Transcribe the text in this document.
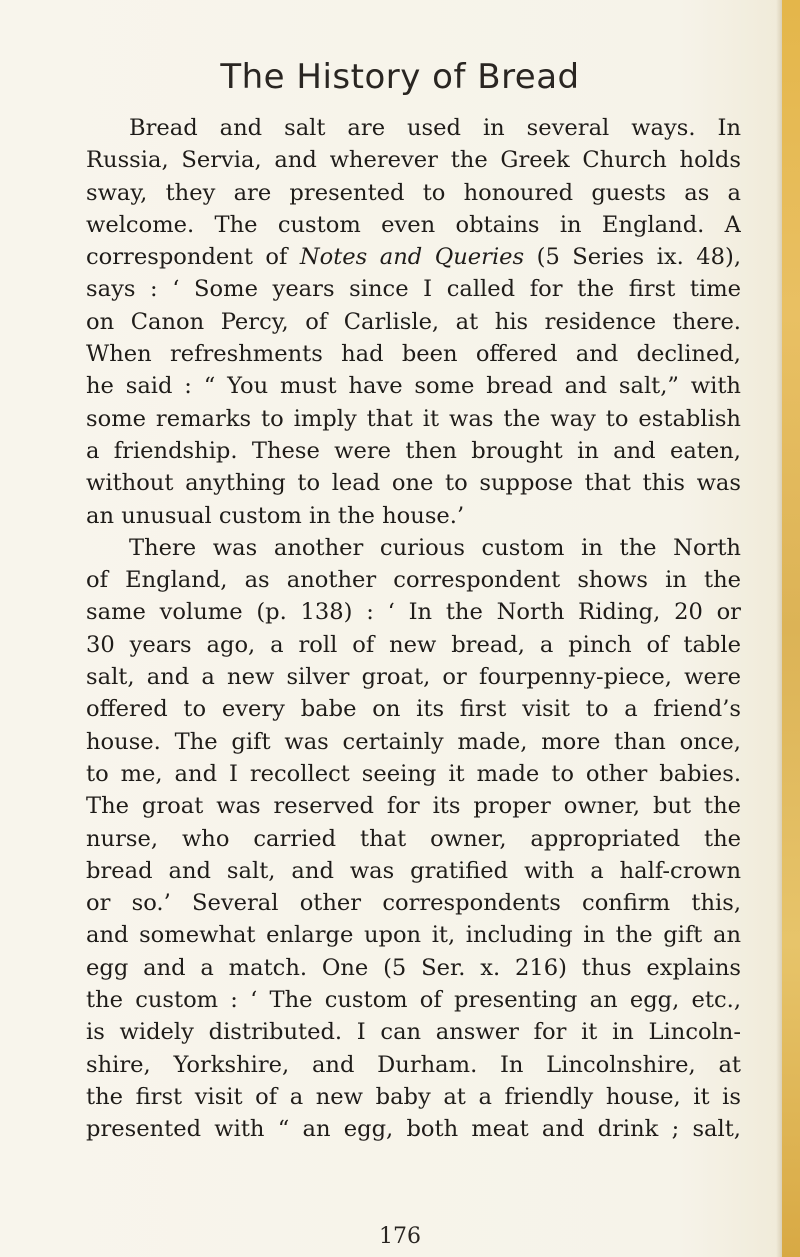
The History of Bread
Bread and salt are used in several ways. In
Russia, Servia, and wherever the Greek Church holds
sway, they are presented to honoured guests as a
welcome. The custom even obtains in England. A
correspondent of Notes and Queries (5 Series ix. 48),
says : ‘ Some years since I called for the first time
on Canon Percy, of Carlisle, at his residence there.
When refreshments had been offered and declined,
he said : “ You must have some bread and salt,” with
some remarks to imply that it was the way to establish
a friendship. These were then brought in and eaten,
without anything to lead one to suppose that this was
an unusual custom in the house.’
There was another curious custom in the North
of England, as another correspondent shows in the
same volume (p. 138) : ‘ In the North Riding, 20 or
30 years ago, a roll of new bread, a pinch of table
salt, and a new silver groat, or fourpenny-piece, were
offered to every babe on its first visit to a friend’s
house. The gift was certainly made, more than once,
to me, and I recollect seeing it made to other babies.
The groat was reserved for its proper owner, but the
nurse, who carried that owner, appropriated the
bread and salt, and was gratified with a half-crown
or so.’ Several other correspondents confirm this,
and somewhat enlarge upon it, including in the gift an
egg and a match. One (5 Ser. x. 216) thus explains
the custom : ‘ The custom of presenting an egg, etc.,
is widely distributed. I can answer for it in Lincoln-
shire, Yorkshire, and Durham. In Lincolnshire, at
the first visit of a new baby at a friendly house, it is
presented with “ an egg, both meat and drink ; salt,
176
